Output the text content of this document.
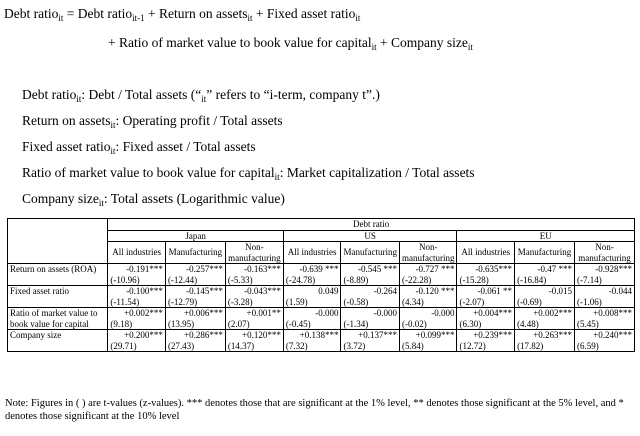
Debt ratio$_{it}$ = Debt ratio$_{it-1}$ + Return on assets$_{it}$ + Fixed asset ratio$_{it}$
+ Ratio of market value to book value for capital$_{it}$ + Company size$_{it}$
Debt ratio$_{it}$: Debt / Total assets (“$_{it}$” refers to “i-term, company t”.)
Return on assets$_{it}$: Operating profit / Total assets
Fixed asset ratio$_{it}$: Fixed asset / Total assets
Ratio of market value to book value for capital$_{it}$: Market capitalization / Total assets
Company size$_{it}$: Total assets (Logarithmic value)
	Debt ratio								
	Japan			US			EU		
	All industries	Manufacturing	Non-manufacturing	All industries	Manufacturing	Non-manufacturing	All industries	Manufacturing	Non-manufacturing
Return on assets (ROA)	-0.191***	-0.257***	-0.163***	-0.639 ***	-0.545 ***	-0.727 ***	-0.635***	-0.47 ***	-0.928***
	(-10.96)	(-12.44)	(-5.33)	(-24.78)	(-8.89)	(-22.28)	(-15.28)	(-16.84)	(-7.14)
Fixed asset ratio	-0.100***	-0.145***	-0.043***	0.049	-0.264	-0.120 ***	-0.061 **	-0.015	-0.044
	(-11.54)	(-12.79)	(-3.28)	(1.59)	(-0.58)	(4.34)	(-2.07)	(-0.69)	(-1.06)
Ratio of market value to book value for capital	+0.002***	+0.006***	+0.001**	-0.000	-0.000	-0.000	+0.004***	+0.002***	+0.008***
	(9.18)	(13.95)	(2.07)	(-0.45)	(-1.34)	(-0.02)	(6.30)	(4.48)	(5.45)
Company size	+0.200***	+0.286***	+0.120***	+0.138***	+0.137***	+0.099***	+0.239***	+0.263***	+0.240***
	(29.71)	(27.43)	(14.37)	(7.32)	(3.72)	(5.84)	(12.72)	(17.82)	(6.59)
Note: Figures in ( ) are t-values (z-values). *** denotes those that are significant at the 1% level, ** denotes those significant at the 5% level, and * denotes those significant at the 10% level
